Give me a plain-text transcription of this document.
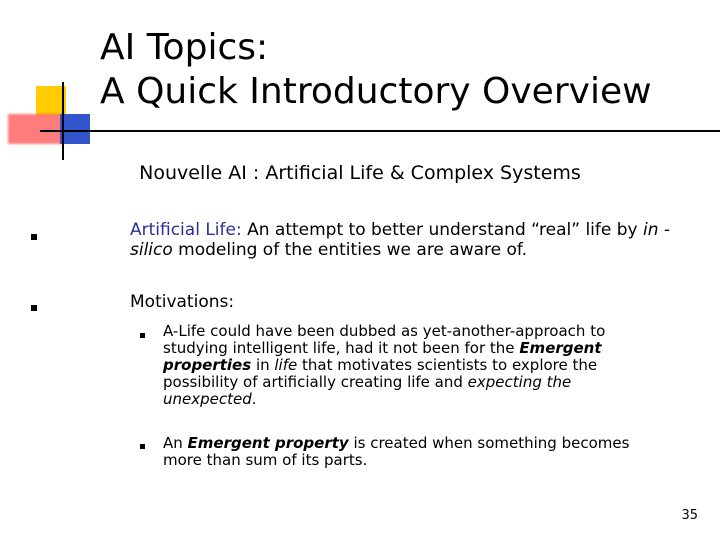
AI Topics:
A Quick Introductory Overview
Nouvelle AI : Artificial Life & Complex Systems
Artificial Life: An attempt to better understand “real” life by in -silico modeling of the entities we are aware of.
Motivations:
A-Life could have been dubbed as yet-another-approach to studying intelligent life, had it not been for the Emergent properties in life that motivates scientists to explore the possibility of artificially creating life and expecting the unexpected.
An Emergent property is created when something becomes more than sum of its parts.
35
